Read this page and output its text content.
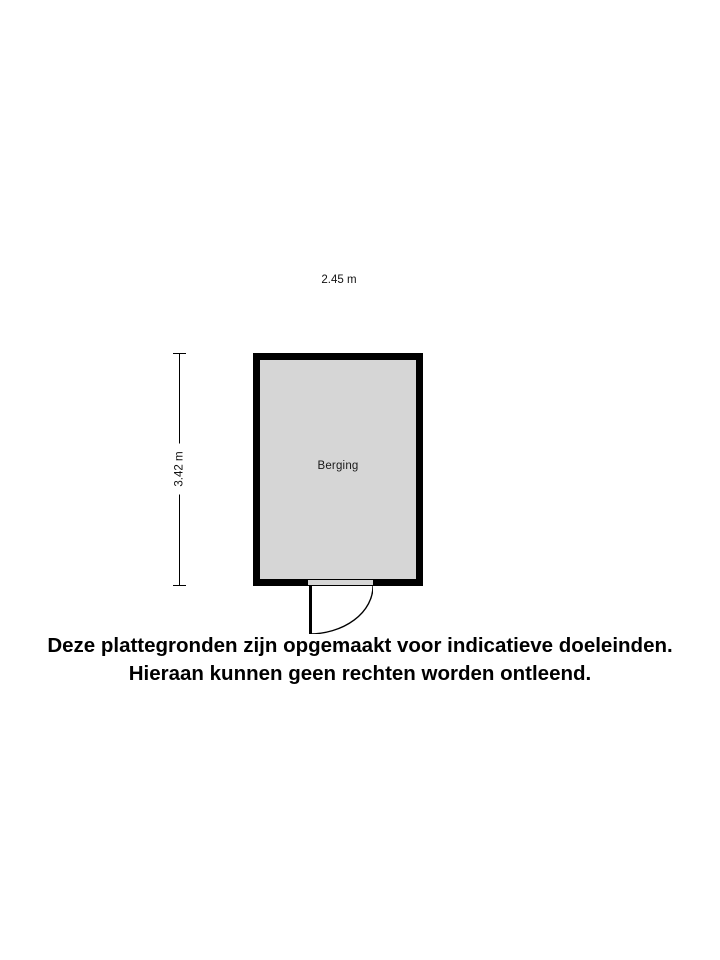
2.45 m
3.42 m	Berging
Deze plattegronden zijn opgemaakt voor indicatieve doeleinden.
Hieraan kunnen geen rechten worden ontleend.
